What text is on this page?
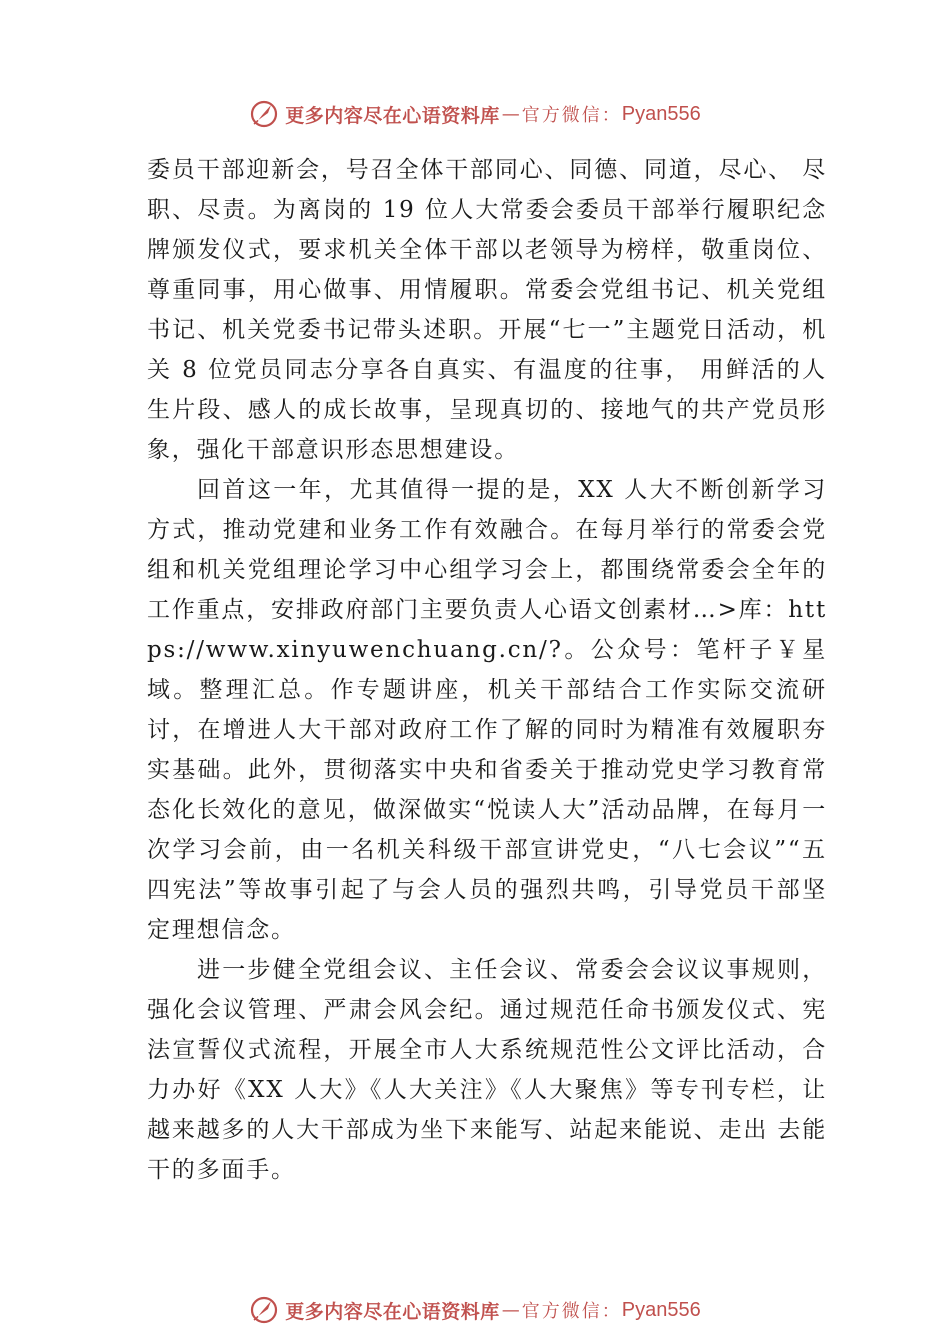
更多内容尽在心语资料库 — 官方微信： Pyan556

委员干部迎新会，号召全体干部同心、同德、同道，尽心、 尽职、尽责。为离岗的 19 位人大常委会委员干部举行履职纪念牌颁发仪式，要求机关全体干部以老领导为榜样，敬重岗位、尊重同事，用心做事、用情履职。常委会党组书记、机关党组书记、机关党委书记带头述职。开展“七一”主题党日活动，机关 8 位党员同志分享各自真实、有温度的往事， 用鲜活的人生片段、感人的成长故事，呈现真切的、接地气的共产党员形象，强化干部意识形态思想建设。

回首这一年，尤其值得一提的是，XX 人大不断创新学习方式，推动党建和业务工作有效融合。在每月举行的常委会党组和机关党组理论学习中心组学习会上，都围绕常委会全年的工作重点，安排政府部门主要负责人心语文创素材…>库：https://www.xinyuwenchuang.cn/?。公众号：笔杆子￥星域。整理汇总。作专题讲座，机关干部结合工作实际交流研讨，在增进人大干部对政府工作了解的同时为精准有效履职夯实基础。此外，贯彻落实中央和省委关于推动党史学习教育常态化长效化的意见，做深做实“悦读人大”活动品牌，在每月一次学习会前，由一名机关科级干部宣讲党史，“八七会议”“五四宪法”等故事引起了与会人员的强烈共鸣，引导党员干部坚定理想信念。

进一步健全党组会议、主任会议、常委会会议议事规则，强化会议管理、严肃会风会纪。通过规范任命书颁发仪式、宪法宣誓仪式流程，开展全市人大系统规范性公文评比活动，合力办好《XX 人大》《人大关注》《人大聚焦》等专刊专栏，让越来越多的人大干部成为坐下来能写、站起来能说、走出 去能干的多面手。

更多内容尽在心语资料库 — 官方微信： Pyan556
